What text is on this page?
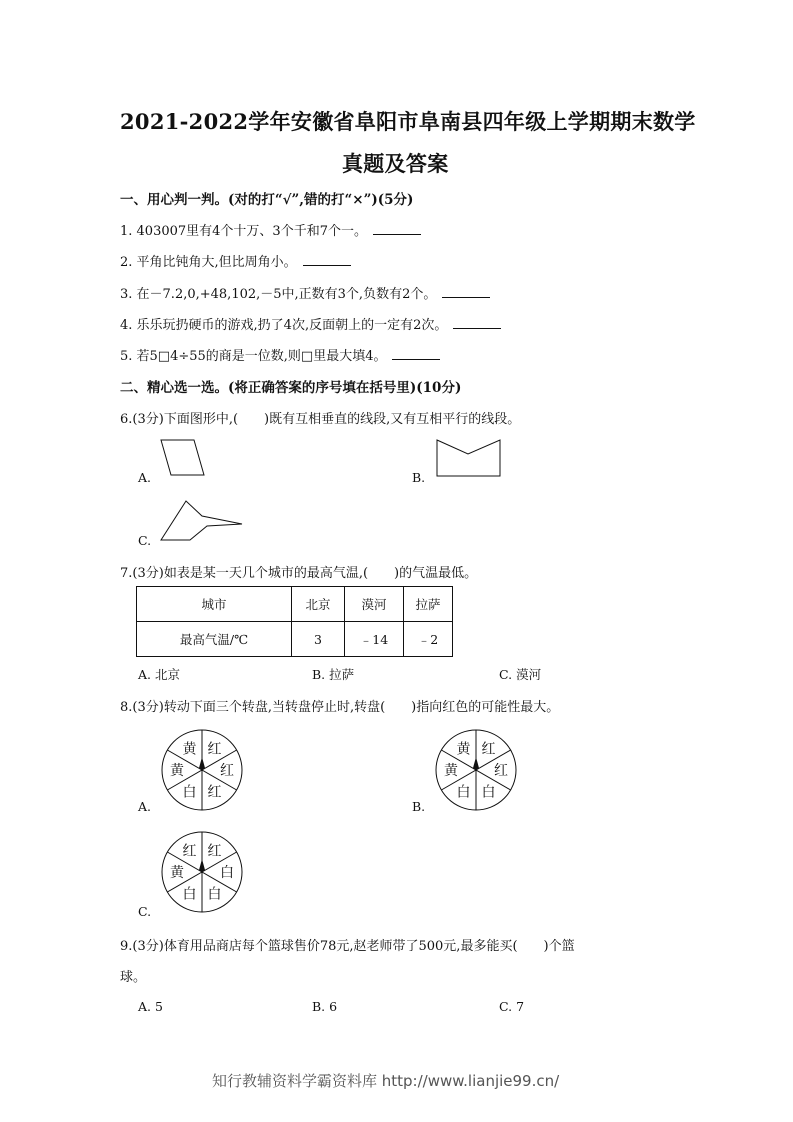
2021-2022学年安徽省阜阳市阜南县四年级上学期期末数学
真题及答案
一、用心判一判。(对的打“√”,错的打“×”)(5分)
1. 403007里有4个十万、3个千和7个一。
2. 平角比钝角大,但比周角小。
3. 在－7.2,0,+48,102,－5中,正数有3个,负数有2个。
4. 乐乐玩扔硬币的游戏,扔了4次,反面朝上的一定有2次。
5. 若5□4÷55的商是一位数,则□里最大填4。
二、精心选一选。(将正确答案的序号填在括号里)(10分)
6.(3分)下面图形中,(　　)既有互相垂直的线段,又有互相平行的线段。
A.	B.
C.
7.(3分)如表是某一天几个城市的最高气温,(　　)的气温最低。
城市	北京	漠河	拉萨
最高气温/℃	3	﹣14	﹣2
A. 北京	B. 拉萨	C. 漠河
8.(3分)转动下面三个转盘,当转盘停止时,转盘(　　)指向红色的可能性最大。
A.	B.
C.
红
红
红
白
黄
黄	红
红
白
白
黄
黄
红
白
白
白
黄
红
9.(3分)体育用品商店每个篮球售价78元,赵老师带了500元,最多能买(　　)个篮
球。
A. 5	B. 6	C. 7
知行教辅资料学霸资料库 http://www.lianjie99.cn/
